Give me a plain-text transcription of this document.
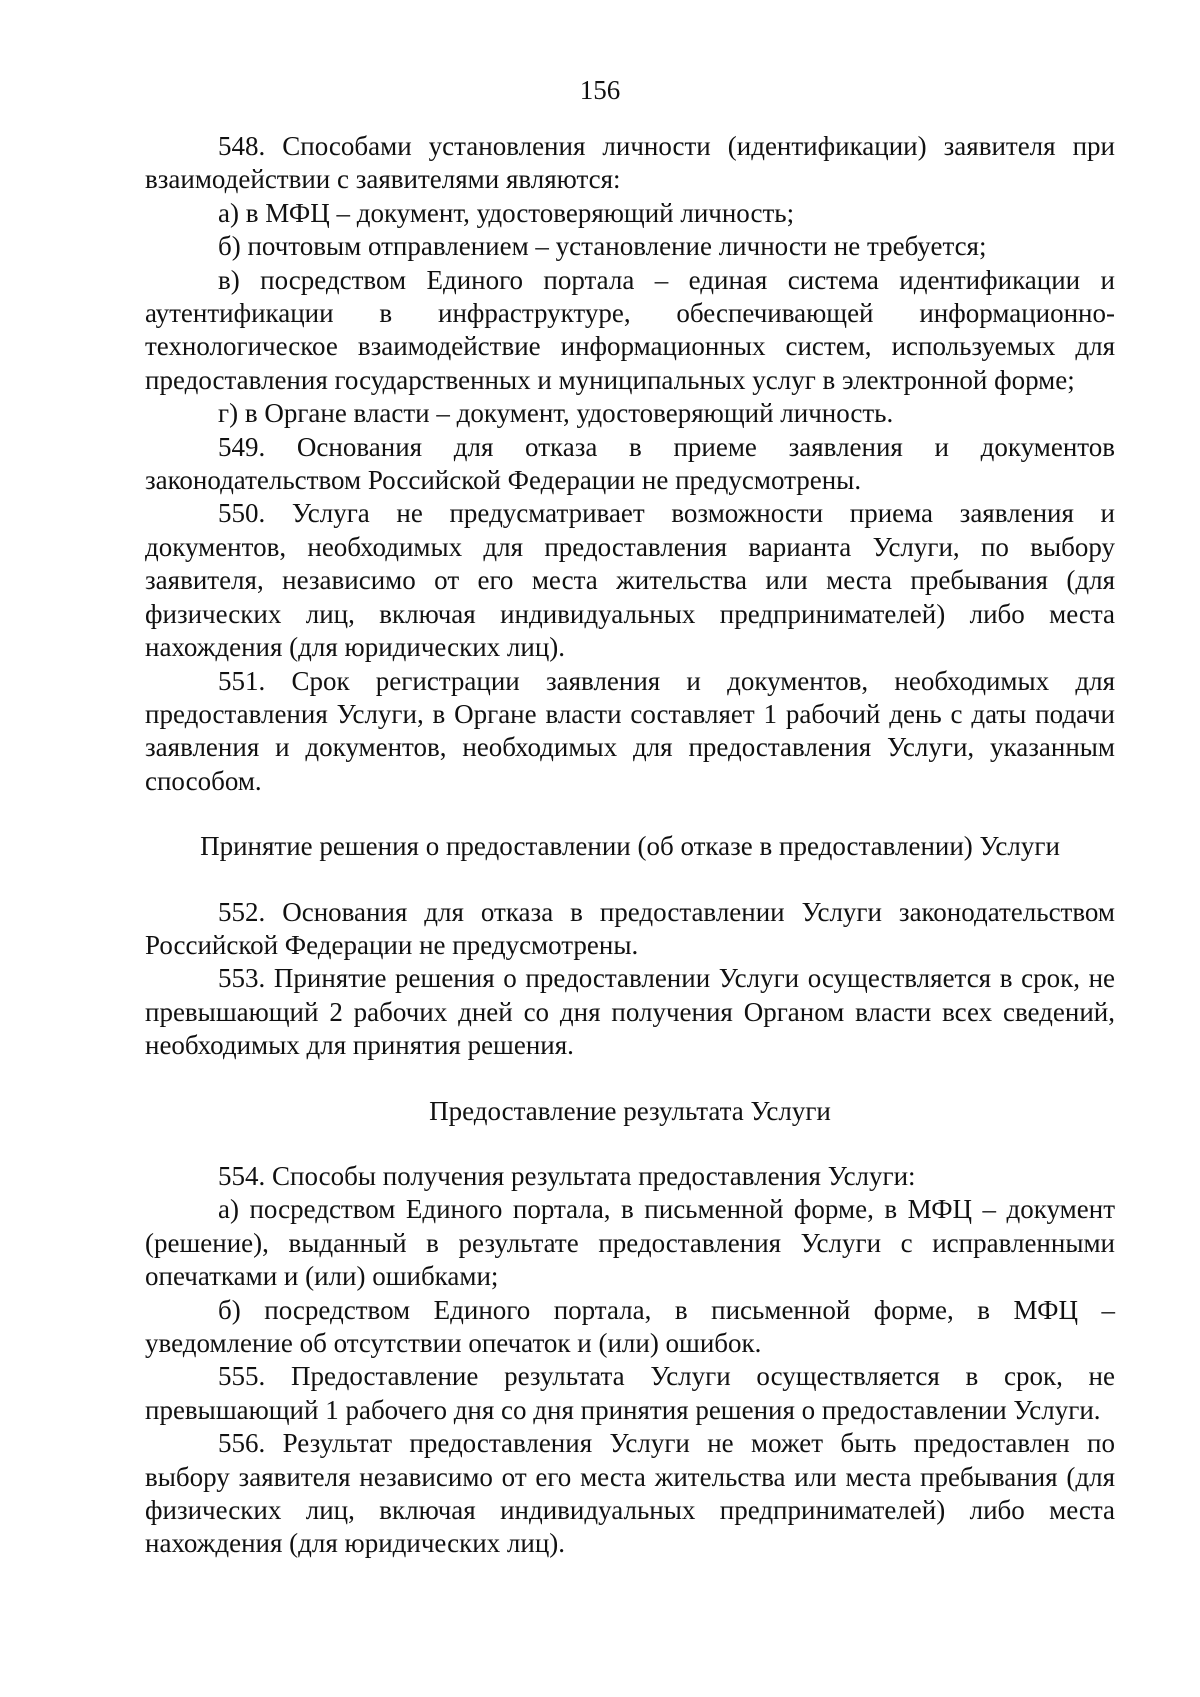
156

548. Способами установления личности (идентификации) заявителя при взаимодействии с заявителями являются:

а) в МФЦ – документ, удостоверяющий личность;

б) почтовым отправлением – установление личности не требуется;

в) посредством Единого портала – единая система идентификации и аутентификации в инфраструктуре, обеспечивающей информационно-технологическое взаимодействие информационных систем, используемых для предоставления государственных и муниципальных услуг в электронной форме;

г) в Органе власти – документ, удостоверяющий личность.

549. Основания для отказа в приеме заявления и документов законодательством Российской Федерации не предусмотрены.

550. Услуга не предусматривает возможности приема заявления и документов, необходимых для предоставления варианта Услуги, по выбору заявителя, независимо от его места жительства или места пребывания (для физических лиц, включая индивидуальных предпринимателей) либо места нахождения (для юридических лиц).

551. Срок регистрации заявления и документов, необходимых для предоставления Услуги, в Органе власти составляет 1 рабочий день с даты подачи заявления и документов, необходимых для предоставления Услуги, указанным способом.

Принятие решения о предоставлении (об отказе в предоставлении) Услуги

552. Основания для отказа в предоставлении Услуги законодательством Российской Федерации не предусмотрены.

553. Принятие решения о предоставлении Услуги осуществляется в срок, не превышающий 2 рабочих дней со дня получения Органом власти всех сведений, необходимых для принятия решения.

Предоставление результата Услуги

554. Способы получения результата предоставления Услуги:

а) посредством Единого портала, в письменной форме, в МФЦ – документ (решение), выданный в результате предоставления Услуги с исправленными опечатками и (или) ошибками;

б) посредством Единого портала, в письменной форме, в МФЦ – уведомление об отсутствии опечаток и (или) ошибок.

555. Предоставление результата Услуги осуществляется в срок, не превышающий 1 рабочего дня со дня принятия решения о предоставлении Услуги.

556. Результат предоставления Услуги не может быть предоставлен по выбору заявителя независимо от его места жительства или места пребывания (для физических лиц, включая индивидуальных предпринимателей) либо места нахождения (для юридических лиц).
